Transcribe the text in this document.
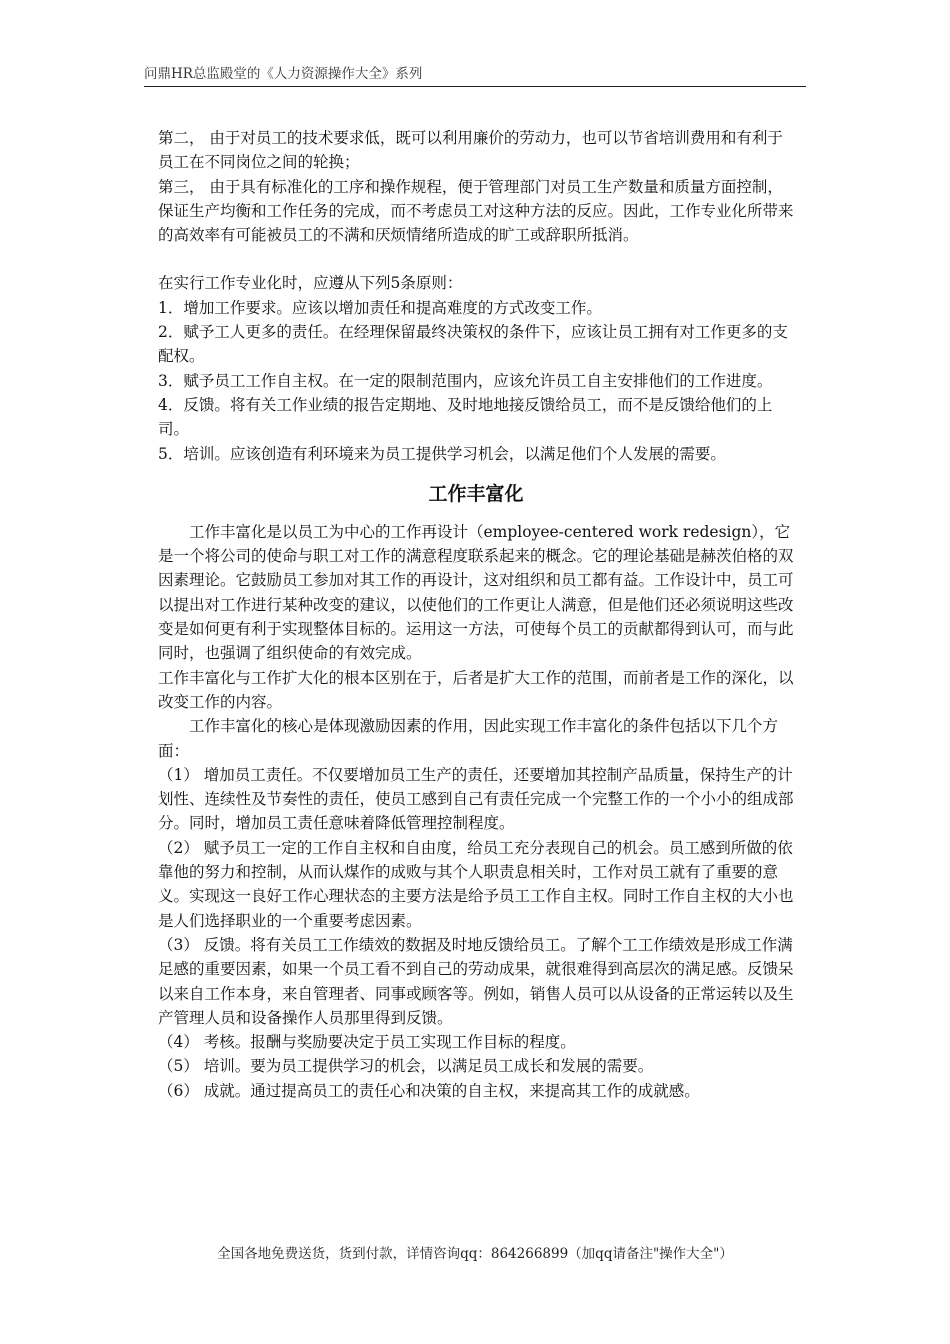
问鼎HR总监殿堂的《人力资源操作大全》系列

第二， 由于对员工的技术要求低，既可以利用廉价的劳动力，也可以节省培训费用和有利于员工在不同岗位之间的轮换；

第三， 由于具有标准化的工序和操作规程，便于管理部门对员工生产数量和质量方面控制，保证生产均衡和工作任务的完成，而不考虑员工对这种方法的反应。因此，工作专业化所带来的高效率有可能被员工的不满和厌烦情绪所造成的旷工或辞职所抵消。

在实行工作专业化时，应遵从下列5条原则：

1．增加工作要求。应该以增加责任和提高难度的方式改变工作。

2．赋予工人更多的责任。在经理保留最终决策权的条件下，应该让员工拥有对工作更多的支配权。

3．赋予员工工作自主权。在一定的限制范围内，应该允许员工自主安排他们的工作进度。

4．反馈。将有关工作业绩的报告定期地、及时地地接反馈给员工，而不是反馈给他们的上司。

5．培训。应该创造有利环境来为员工提供学习机会，以满足他们个人发展的需要。

工作丰富化

工作丰富化是以员工为中心的工作再设计（employee-centered work redesign），它是一个将公司的使命与职工对工作的满意程度联系起来的概念。它的理论基础是赫茨伯格的双因素理论。它鼓励员工参加对其工作的再设计，这对组织和员工都有益。工作设计中，员工可以提出对工作进行某种改变的建议，以使他们的工作更让人满意，但是他们还必须说明这些改变是如何更有利于实现整体目标的。运用这一方法，可使每个员工的贡献都得到认可，而与此同时，也强调了组织使命的有效完成。

工作丰富化与工作扩大化的根本区别在于，后者是扩大工作的范围，而前者是工作的深化，以改变工作的内容。

工作丰富化的核心是体现激励因素的作用，因此实现工作丰富化的条件包括以下几个方面：

（1） 增加员工责任。不仅要增加员工生产的责任，还要增加其控制产品质量，保持生产的计划性、连续性及节奏性的责任，使员工感到自己有责任完成一个完整工作的一个小小的组成部分。同时，增加员工责任意味着降低管理控制程度。

（2） 赋予员工一定的工作自主权和自由度，给员工充分表现自己的机会。员工感到所做的依靠他的努力和控制，从而认煤作的成败与其个人职责息相关时，工作对员工就有了重要的意义。实现这一良好工作心理状态的主要方法是给予员工工作自主权。同时工作自主权的大小也是人们选择职业的一个重要考虑因素。

（3） 反馈。将有关员工工作绩效的数据及时地反馈给员工。了解个工工作绩效是形成工作满足感的重要因素，如果一个员工看不到自己的劳动成果，就很难得到高层次的满足感。反馈呆以来自工作本身，来自管理者、同事或顾客等。例如，销售人员可以从设备的正常运转以及生产管理人员和设备操作人员那里得到反馈。

（4） 考核。报酬与奖励要决定于员工实现工作目标的程度。

（5） 培训。要为员工提供学习的机会，以满足员工成长和发展的需要。

（6） 成就。通过提高员工的责任心和决策的自主权，来提高其工作的成就感。

全国各地免费送货，货到付款，详情咨询qq：864266899（加qq请备注"操作大全"）
